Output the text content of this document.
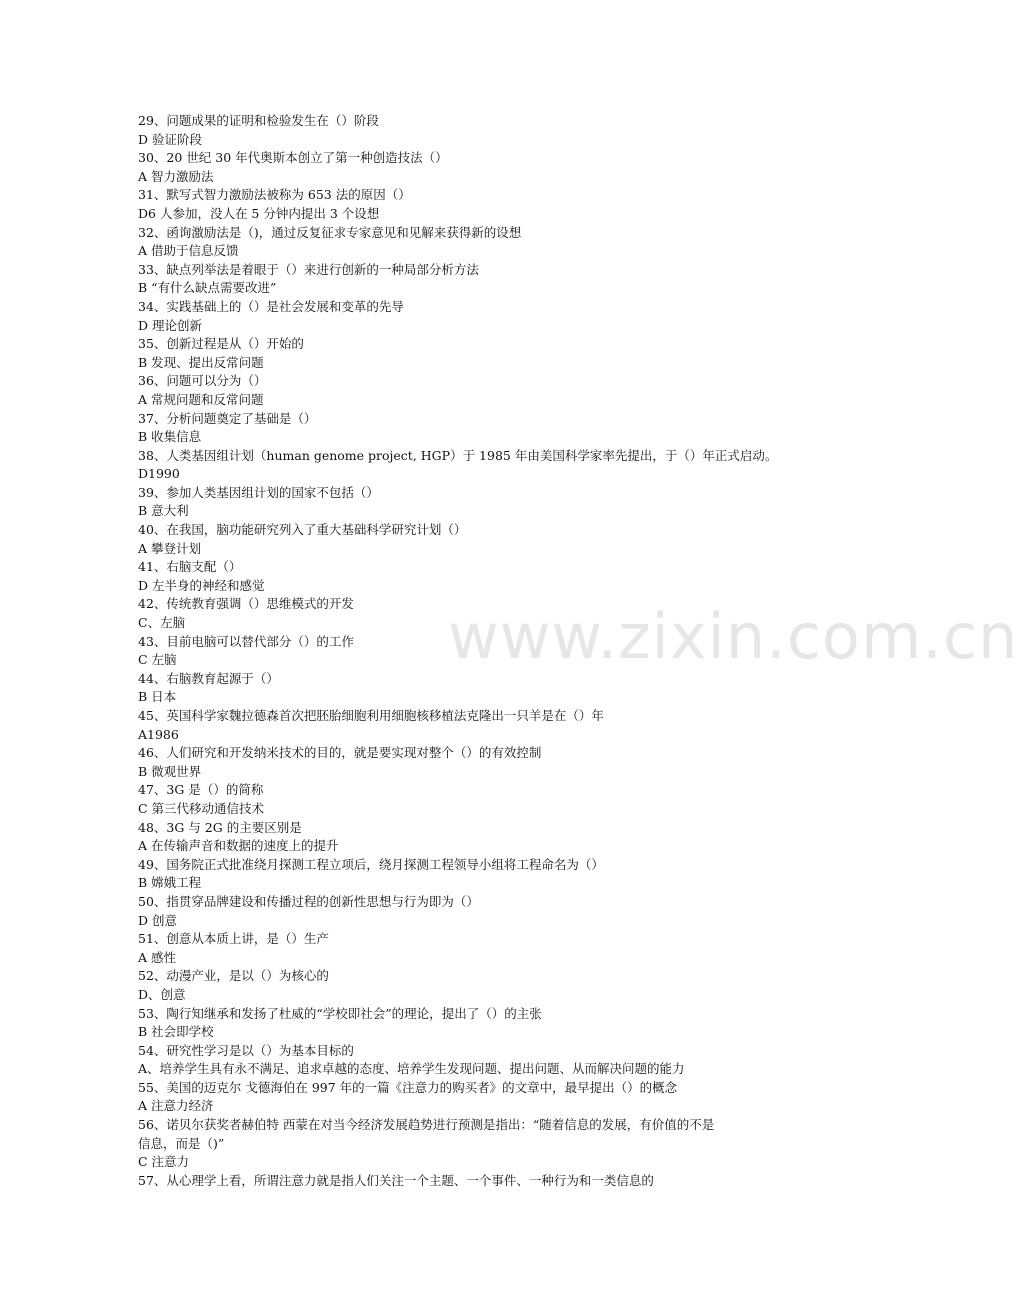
29、问题成果的证明和检验发生在（）阶段
D 验证阶段
30、20 世纪 30 年代奥斯本创立了第一种创造技法（）
A 智力激励法
31、默写式智力激励法被称为 653 法的原因（）
D6 人参加，没人在 5 分钟内提出 3 个设想
32、函询激励法是（)，通过反复征求专家意见和见解来获得新的设想
A 借助于信息反馈
33、缺点列举法是着眼于（）来进行创新的一种局部分析方法
B “有什么缺点需要改进”
34、实践基础上的（）是社会发展和变革的先导
D 理论创新
35、创新过程是从（）开始的
B 发现、提出反常问题
36、问题可以分为（）
A 常规问题和反常问题
37、分析问题奠定了基础是（）
B 收集信息
38、人类基因组计划（human genome project, HGP）于 1985 年由美国科学家率先提出，于（）年正式启动。
D1990
39、参加人类基因组计划的国家不包括（）
B 意大利
40、在我国，脑功能研究列入了重大基础科学研究计划（）
A 攀登计划
41、右脑支配（）
D 左半身的神经和感觉
42、传统教育强调（）思维模式的开发
C、左脑
43、目前电脑可以替代部分（）的工作
C 左脑
44、右脑教育起源于（）
B 日本
45、英国科学家魏拉德森首次把胚胎细胞利用细胞核移植法克隆出一只羊是在（）年
A1986
46、人们研究和开发纳米技术的目的，就是要实现对整个（）的有效控制
B 微观世界
47、3G 是（）的简称
C 第三代移动通信技术
48、3G 与 2G 的主要区别是
A 在传输声音和数据的速度上的提升
49、国务院正式批准绕月探测工程立项后，绕月探测工程领导小组将工程命名为（）
B 嫦娥工程
50、指贯穿品牌建设和传播过程的创新性思想与行为即为（）
D 创意
51、创意从本质上讲，是（）生产
A 感性
52、动漫产业，是以（）为核心的
D、创意
53、陶行知继承和发扬了杜威的“学校即社会”的理论，提出了（）的主张
B 社会即学校
54、研究性学习是以（）为基本目标的
A、培养学生具有永不满足、追求卓越的态度、培养学生发现问题、提出问题、从而解决问题的能力
55、美国的迈克尔 戈德海伯在 997 年的一篇《注意力的购买者》的文章中，最早提出（）的概念
A 注意力经济
56、诺贝尔获奖者赫伯特 西蒙在对当今经济发展趋势进行预测是指出：“随着信息的发展，有价值的不是
信息，而是（)”
C 注意力
57、从心理学上看，所谓注意力就是指人们关注一个主题、一个事件、一种行为和一类信息的
www.zixin.com.cn
